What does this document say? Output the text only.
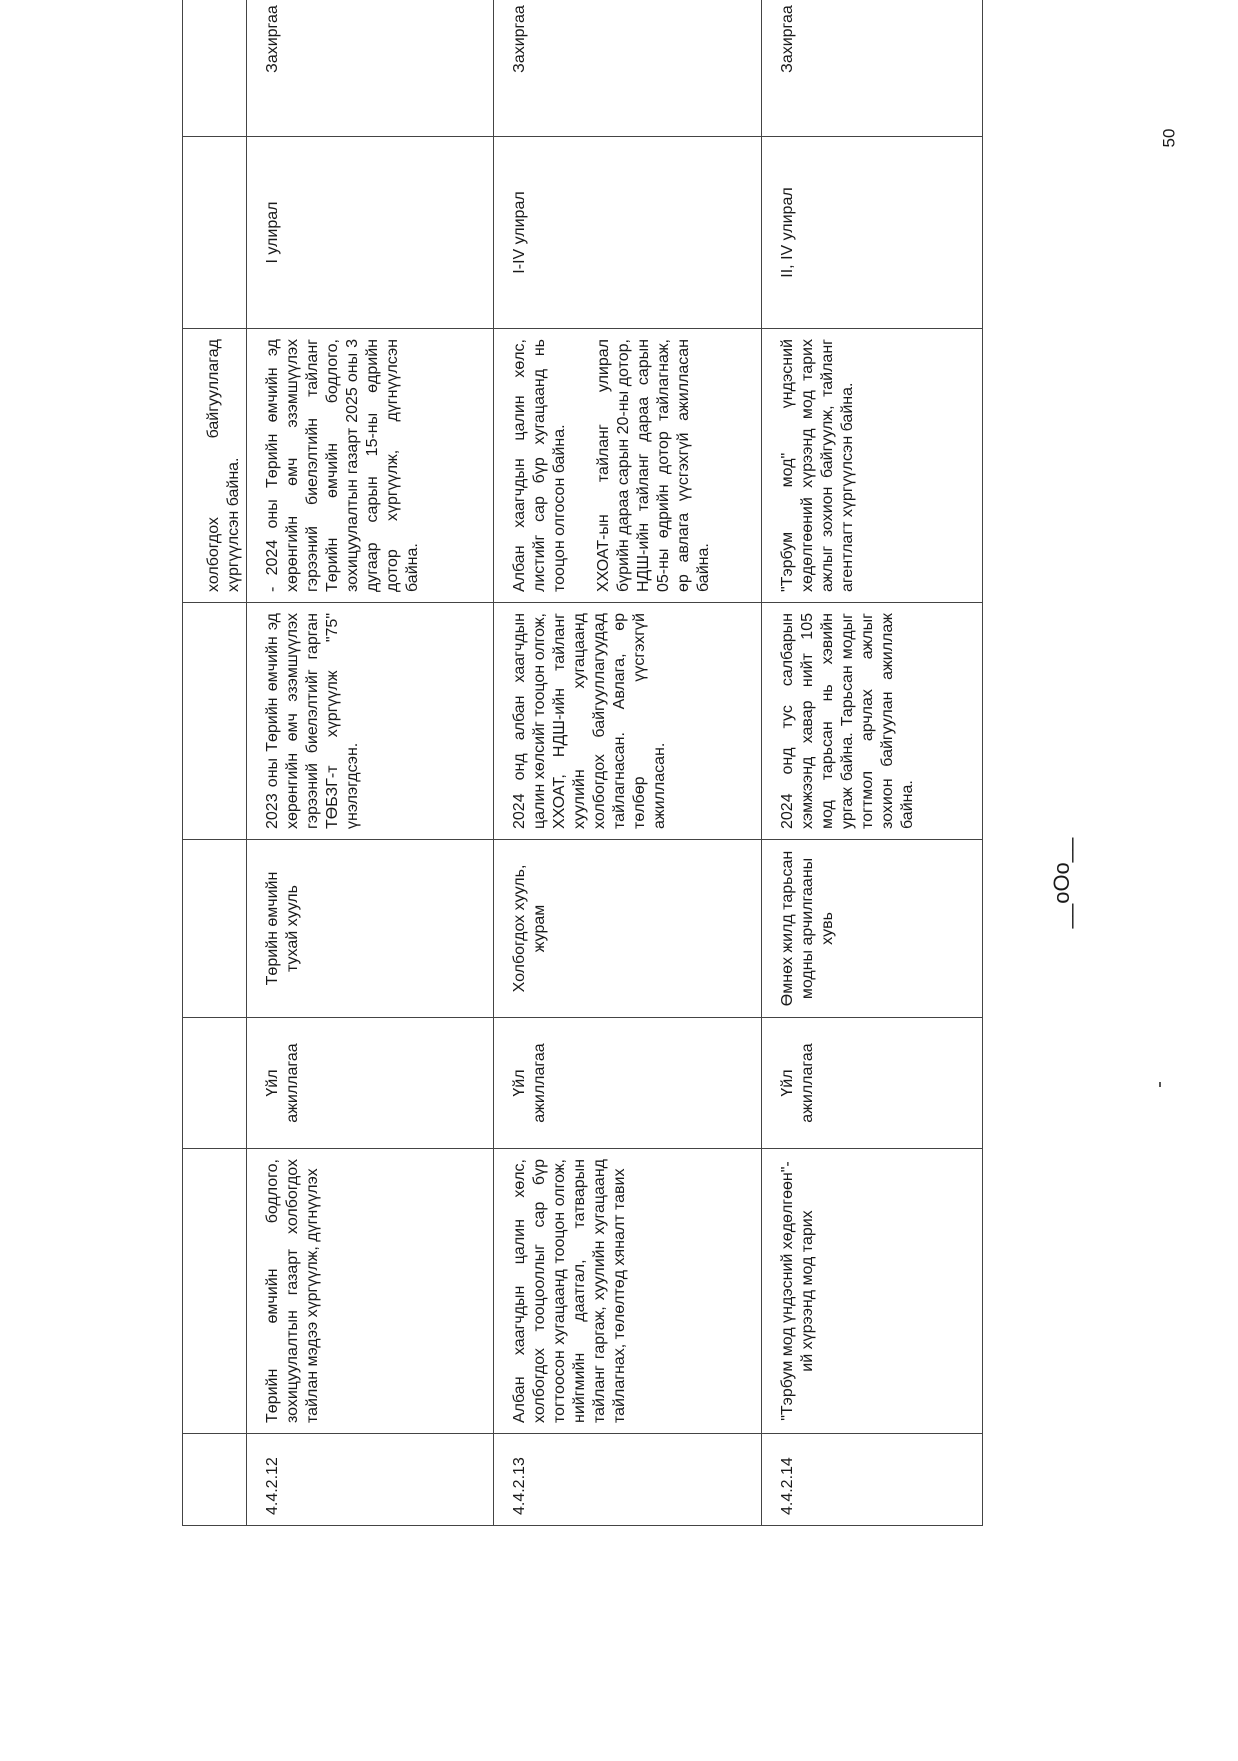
50
__oOo__
					холбогдох байгууллагад хүргүүлсэн байна.		
4.4.2.12	Төрийн өмчийн бодлого, зохицуулалтын газарт холбогдох тайлан мэдээ хүргүүлж, дүгнүүлэх	Үйл ажиллагаа	Төрийн өмчийн тухай хууль	2023 оны Төрийн өмчийн эд хөрөнгийн өмч эзэмшүүлэх гэрээний биелэлтийг гарган ТӨБЗГ-т хүргүүлж "75" үнэлэгдсэн.	- 2024 оны Төрийн өмчийн эд хөрөнгийн өмч эзэмшүүлэх гэрээний биелэлтийн тайланг Төрийн өмчийн бодлого, зохицуулалтын газарт 2025 оны 3 дугаар сарын 15-ны өдрийн дотор хүргүүлж, дүгнүүлсэн байна.	I улирал	Захиргаа
4.4.2.13	Албан хаагчдын цалин хөлс, холбогдох тооцооллыг сар бүр тогтоосон хугацаанд тооцон олгож, нийгмийн даатгал, татварын тайланг гаргаж, хуулийн хугацаанд тайлагнах, төлөлтөд хяналт тавих	Үйл ажиллагаа	Холбогдох хууль, журам	2024 онд албан хаагчдын цалин хөлсийг тооцон олгож, ХХОАТ, НДШ-ийн тайланг хуулийн хугацаанд холбогдох байгууллагуудад тайлагнасан. Авлага, өр төлбөр үүсгэхгүй ажилласан.	Албан хаагчдын цалин хөлс, листийг сар бүр хугацаанд нь тооцон олгосон байна. ХХОАТ-ын тайланг улирал бүрийн дараа сарын 20-ны дотор, НДШ-ийн тайланг дараа сарын 05-ны өдрийн дотор тайлагнаж, өр авлага үүсгэхгүй ажилласан байна.	I-IV улирал	Захиргаа
4.4.2.14	"Тэрбум мод үндэсний хөдөлгөөн"-ий хүрээнд мод тарих	Үйл ажиллагаа	Өмнөх жилд тарьсан модны арчилгааны хувь	2024 онд тус салбарын хэмжээнд хавар нийт 105 мод тарьсан нь хэвийн ургаж байна. Тарьсан модыг тогтмол арчлах ажлыг зохион байгуулан ажиллаж байна.	"Тэрбум мод" үндэсний хөдөлгөөний хүрээнд мод тарих ажлыг зохион байгуулж, тайланг агентлагт хүргүүлсэн байна.	II, IV улирал	Захиргаа
